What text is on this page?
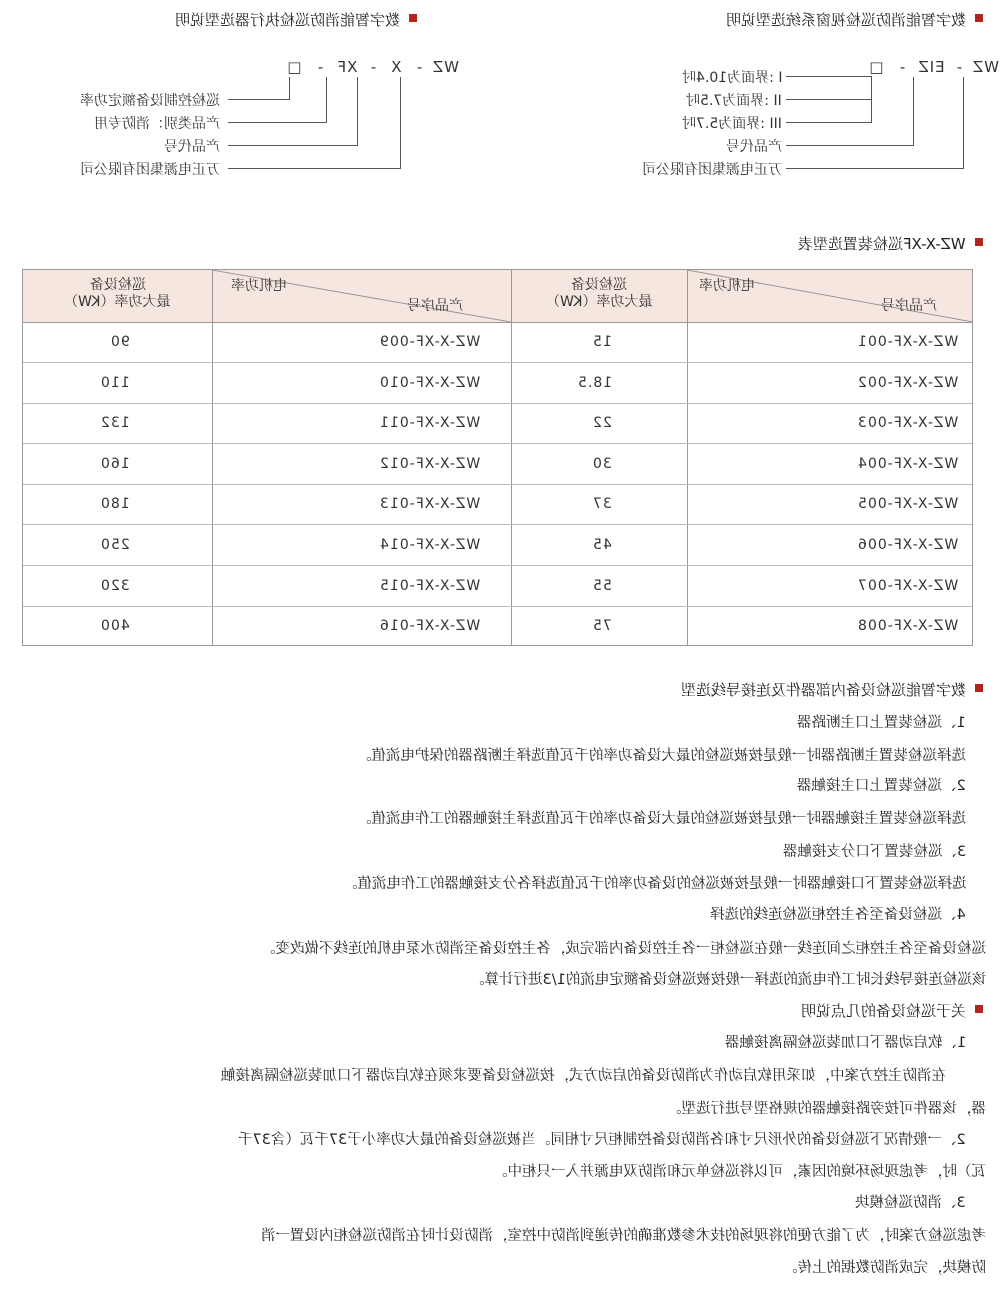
数字智能消防巡检执行器选型说明
□ - XF - X - WZ
巡检控制设备额定功率
产品类别：消防专用
产品代号
万正电源集团有限公司
数字智能消防巡检视窗系统选型说明
□ - EIZ - WZ
I :界面为10.4吋
II :界面为7.5吋
III :界面为5.7吋
产品代号
万正电源集团有限公司
WZ-X-XF巡检装置选型表
电机功率
产品序号
巡检设备
最大功率（KW）
电机功率
产品序号
巡检设备
最大功率（KW）
WZ-X-XF-001
15
WZ-X-XF-009
90
WZ-X-XF-002
18.5
WZ-X-XF-010
110
WZ-X-XF-003
22
WZ-X-XF-011
132
WZ-X-XF-004
30
WZ-X-XF-012
160
WZ-X-XF-005
37
WZ-X-XF-013
180
WZ-X-XF-006
45
WZ-X-XF-014
250
WZ-X-XF-007
55
WZ-X-XF-015
320
WZ-X-XF-008
75
WZ-X-XF-016
400
数字智能巡检设备内部器件及连接导线选型
1、巡检装置上口主断路器
选择巡检装置主断路器时一般是按被巡检的最大设备功率的千瓦值选择主断路器的保护电流值。
2、巡检装置上口主接触器
选择巡检装置主接触器时一般是按被巡检的最大设备功率的千瓦值选择主接触器的工作电流值。
3、巡检装置下口分支接触器
选择巡检装置下口接触器时一般是按被巡检的设备功率的千瓦值选择各分支接触器的工作电流值。
4、巡检设备至各主控柜巡检连线的选择
巡检设备至各主控柜之间连线一般在巡检柜一各主控设备内部完成，各主控设备至消防水泵电机的连线不做改变。
该巡检连接导线长时工作电流的选择一般按被巡检设备额定电流的1/3进行计算。
关于巡检设备的几点说明
1、软启动器下口加装巡检隔离接触器
在消防主控方案中，如采用软启动作为消防设备的启动方式，按巡检设备要求须在软启动器下口加装巡检隔离接触
器，该器件可按旁路接触器的规格型号进行选型。
2、一般情况下巡检设备的外形尺寸和各消防设备控制柜尺寸相同。当被巡检设备的最大功率小于37千瓦（含37千
瓦）时，考虑现场环境的因素，可以将巡检单元和消防双电源并入一只柜中。
3、消防巡检模块
考虑巡检方案时，为了能方便的将现场的技术参数准确的传递到消防中控室，消防设计时在消防巡检柜内设置一消
防模块，完成消防数据的上传。
